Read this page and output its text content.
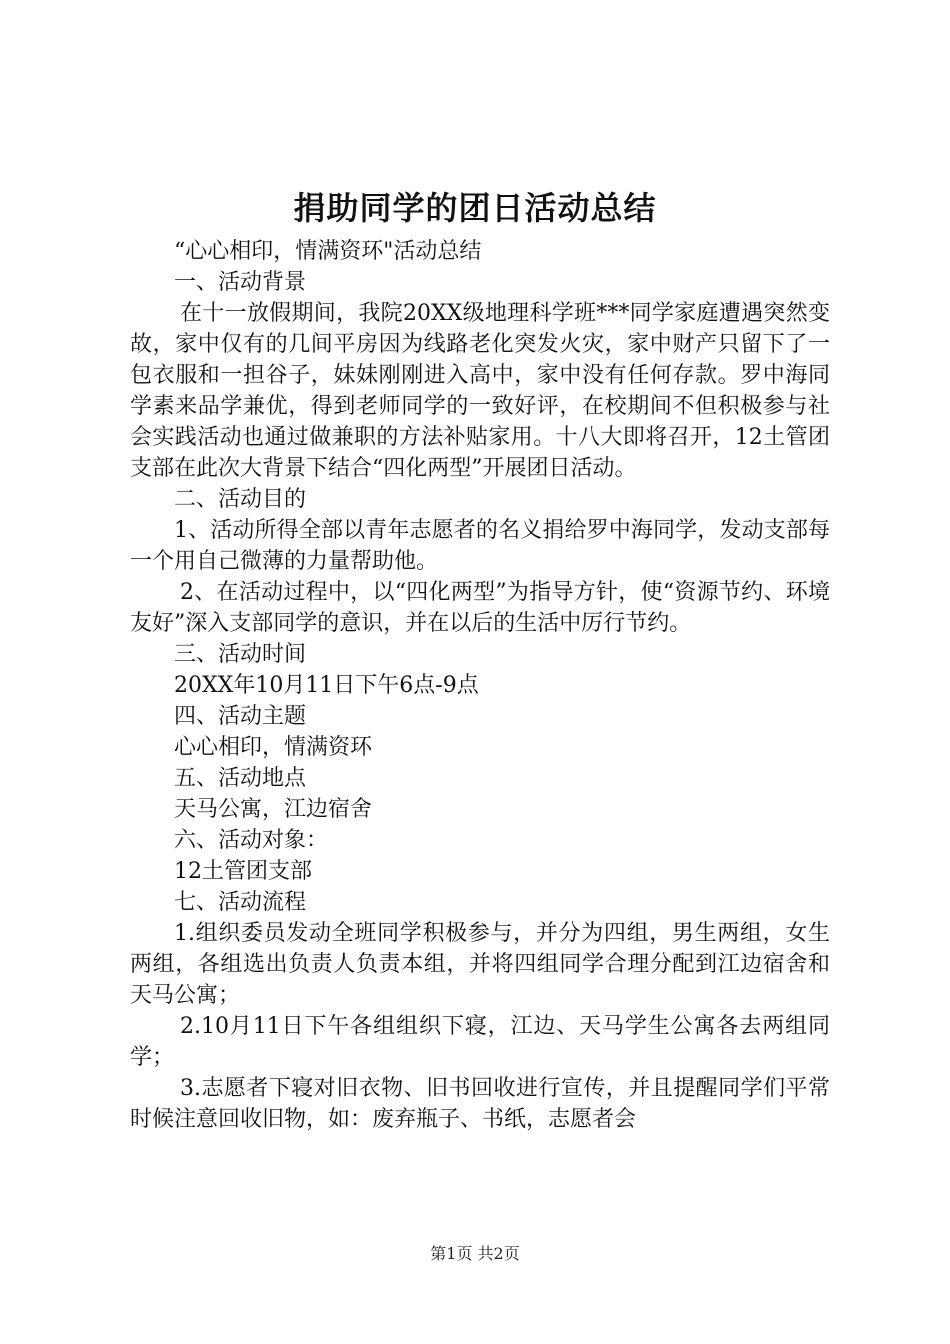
捐助同学的团日活动总结

“心心相印，情满资环"活动总结

一、活动背景

在十一放假期间，我院20XX级地理科学班***同学家庭遭遇突然变故，家中仅有的几间平房因为线路老化突发火灾，家中财产只留下了一包衣服和一担谷子，妹妹刚刚进入高中，家中没有任何存款。罗中海同学素来品学兼优，得到老师同学的一致好评，在校期间不但积极参与社会实践活动也通过做兼职的方法补贴家用。十八大即将召开，12土管团支部在此次大背景下结合“四化两型”开展团日活动。

二、活动目的

1、活动所得全部以青年志愿者的名义捐给罗中海同学，发动支部每一个用自己微薄的力量帮助他。

2、在活动过程中，以“四化两型”为指导方针，使“资源节约、环境友好”深入支部同学的意识，并在以后的生活中厉行节约。

三、活动时间

20XX年10月11日下午6点-9点

四、活动主题

心心相印，情满资环

五、活动地点

天马公寓，江边宿舍

六、活动对象：

12土管团支部

七、活动流程

1.组织委员发动全班同学积极参与，并分为四组，男生两组，女生两组，各组选出负责人负责本组，并将四组同学合理分配到江边宿舍和天马公寓；

2.10月11日下午各组组织下寝，江边、天马学生公寓各去两组同学；

3.志愿者下寝对旧衣物、旧书回收进行宣传，并且提醒同学们平常时候注意回收旧物，如：废弃瓶子、书纸，志愿者会

第1页 共2页
